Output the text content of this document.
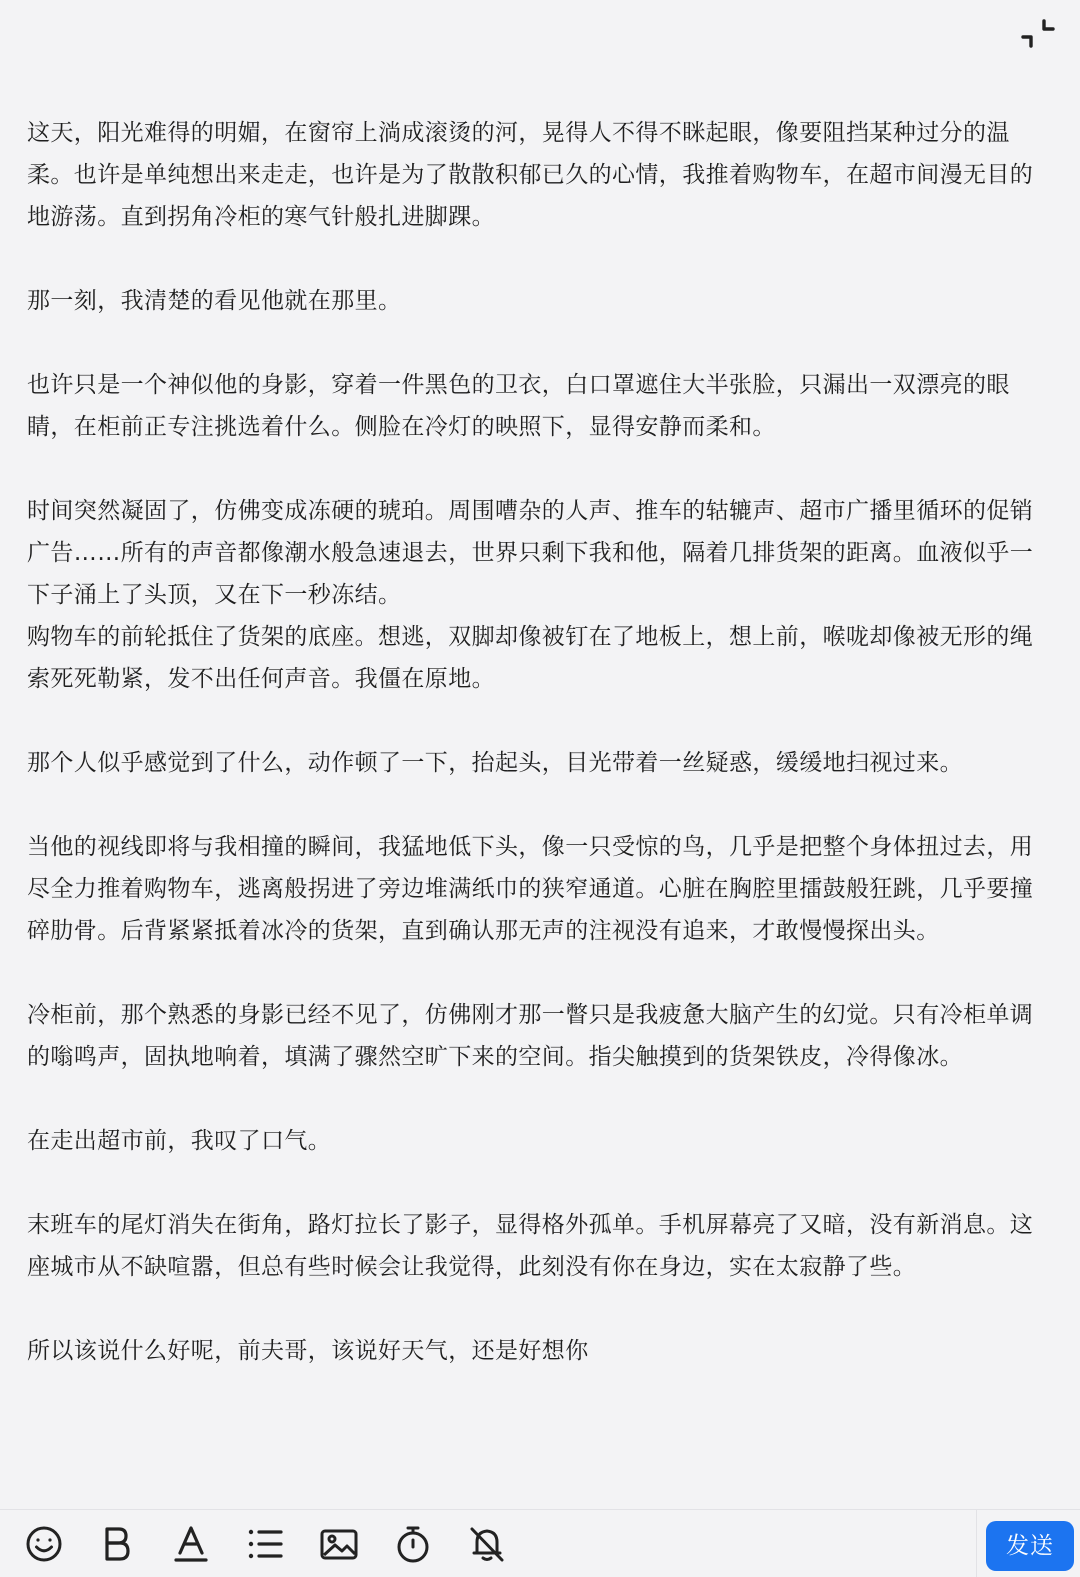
这天，阳光难得的明媚，在窗帘上淌成滚烫的河，晃得人不得不眯起眼，像要阻挡某种过分的温柔。也许是单纯想出来走走，也许是为了散散积郁已久的心情，我推着购物车，在超市间漫无目的地游荡。直到拐角冷柜的寒气针般扎进脚踝。

那一刻，我清楚的看见他就在那里。

也许只是一个神似他的身影，穿着一件黑色的卫衣，白口罩遮住大半张脸，只漏出一双漂亮的眼睛，在柜前正专注挑选着什么。侧脸在冷灯的映照下，显得安静而柔和。

时间突然凝固了，仿佛变成冻硬的琥珀。周围嘈杂的人声、推车的轱辘声、超市广播里循环的促销广告……所有的声音都像潮水般急速退去，世界只剩下我和他，隔着几排货架的距离。血液似乎一下子涌上了头顶，又在下一秒冻结。
购物车的前轮抵住了货架的底座。想逃，双脚却像被钉在了地板上，想上前，喉咙却像被无形的绳索死死勒紧，发不出任何声音。我僵在原地。

那个人似乎感觉到了什么，动作顿了一下，抬起头，目光带着一丝疑惑，缓缓地扫视过来。

当他的视线即将与我相撞的瞬间，我猛地低下头，像一只受惊的鸟，几乎是把整个身体扭过去，用尽全力推着购物车，逃离般拐进了旁边堆满纸巾的狭窄通道。心脏在胸腔里擂鼓般狂跳，几乎要撞碎肋骨。后背紧紧抵着冰冷的货架，直到确认那无声的注视没有追来，才敢慢慢探出头。

冷柜前，那个熟悉的身影已经不见了，仿佛刚才那一瞥只是我疲惫大脑产生的幻觉。只有冷柜单调的嗡鸣声，固执地响着，填满了骤然空旷下来的空间。指尖触摸到的货架铁皮，冷得像冰。

在走出超市前，我叹了口气。

末班车的尾灯消失在街角，路灯拉长了影子，显得格外孤单。手机屏幕亮了又暗，没有新消息。这座城市从不缺喧嚣，但总有些时候会让我觉得，此刻没有你在身边，实在太寂静了些。

所以该说什么好呢，前夫哥，该说好天气，还是好想你

发送
